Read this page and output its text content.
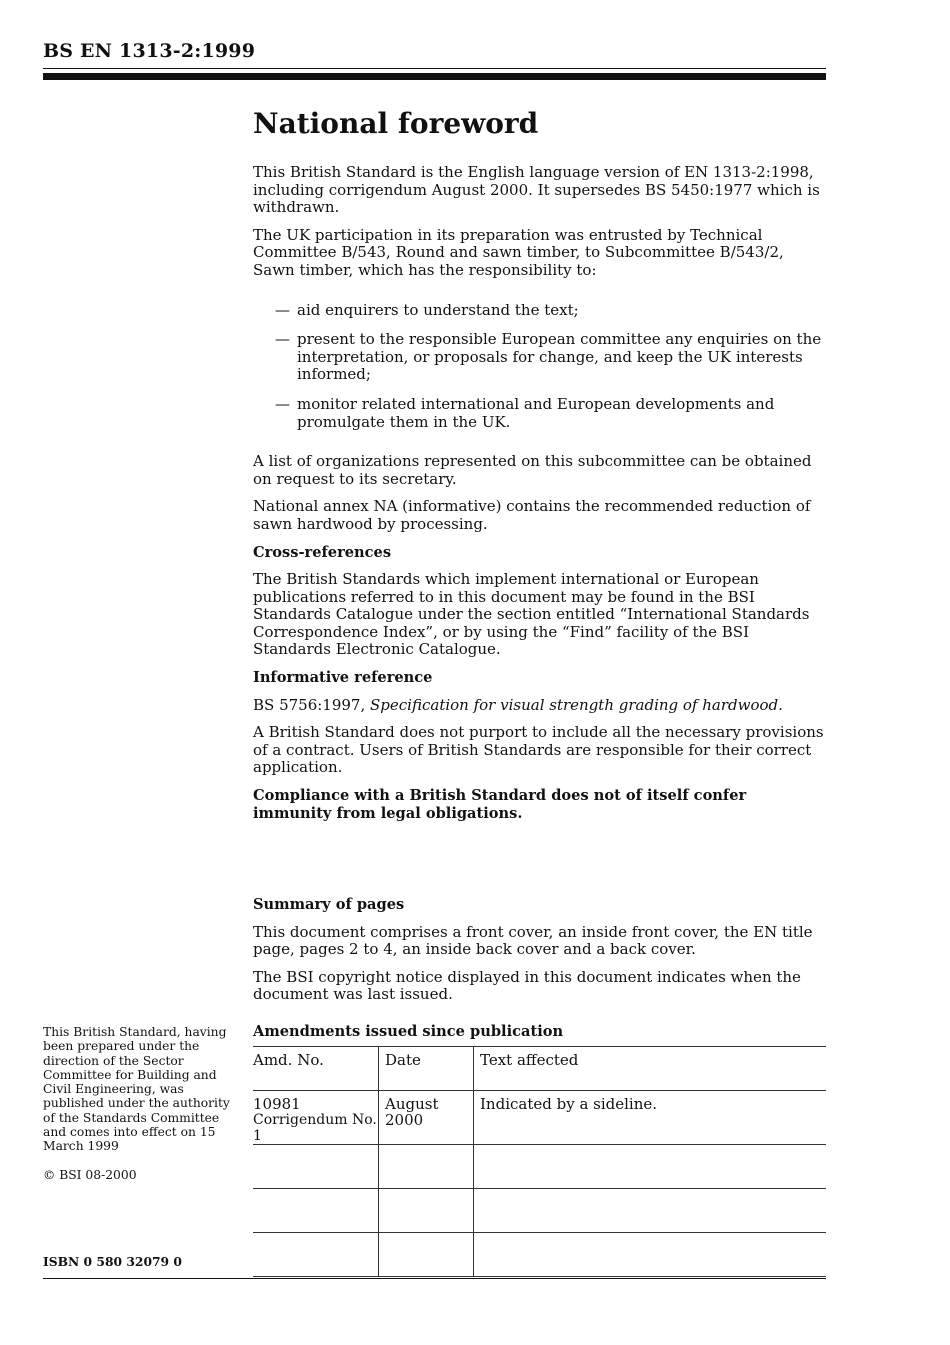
BS EN 1313-2:1999
National foreword

This British Standard is the English language version of EN 1313-2:1998, including corrigendum August 2000. It supersedes BS 5450:1977 which is withdrawn.

The UK participation in its preparation was entrusted by Technical Committee B/543, Round and sawn timber, to Subcommittee B/543/2, Sawn timber, which has the responsibility to:

— aid enquirers to understand the text;
— present to the responsible European committee any enquiries on the interpretation, or proposals for change, and keep the UK interests informed;
— monitor related international and European developments and promulgate them in the UK.

A list of organizations represented on this subcommittee can be obtained on request to its secretary.

National annex NA (informative) contains the recommended reduction of sawn hardwood by processing.

Cross-references

The British Standards which implement international or European publications referred to in this document may be found in the BSI Standards Catalogue under the section entitled “International Standards Correspondence Index”, or by using the “Find” facility of the BSI Standards Electronic Catalogue.

Informative reference

BS 5756:1997, Specification for visual strength grading of hardwood.

A British Standard does not purport to include all the necessary provisions of a contract. Users of British Standards are responsible for their correct application.

Compliance with a British Standard does not of itself confer immunity from legal obligations.

Summary of pages

This document comprises a front cover, an inside front cover, the EN title page, pages 2 to 4, an inside back cover and a back cover.

The BSI copyright notice displayed in this document indicates when the document was last issued.

Amendments issued since publication
Amd. No.	Date	Text affected

10981
Corrigendum No. 1	August 2000	Indicated by a sideline.

This British Standard, having been prepared under the direction of the Sector Committee for Building and Civil Engineering, was published under the authority of the Standards Committee and comes into effect on 15 March 1999
© BSI 08-2000
ISBN 0 580 32079 0
